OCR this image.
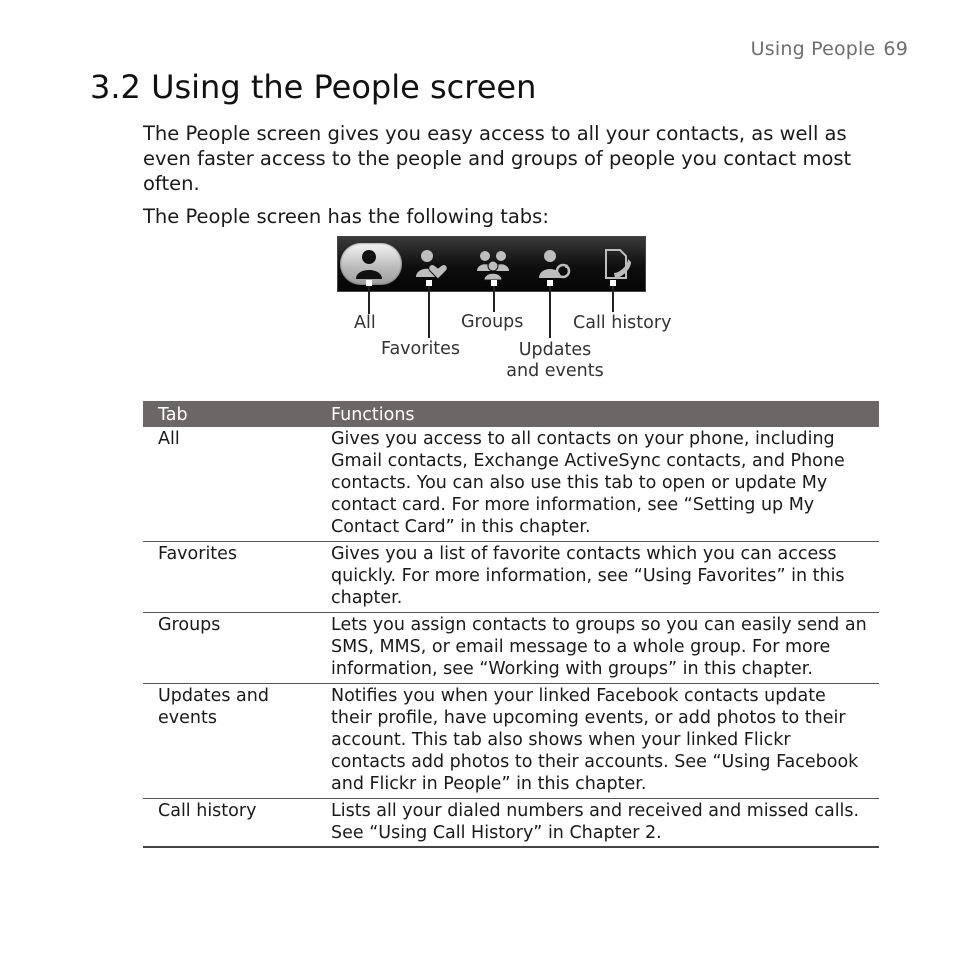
Using People 69
3.2 Using the People screen

The People screen gives you easy access to all your contacts, as well as even faster access to the people and groups of people you contact most often.

The People screen has the following tabs:

All
Favorites
Groups
Updates
and events
Call history
Tab	Functions
All	Gives you access to all contacts on your phone, including Gmail contacts, Exchange ActiveSync contacts, and Phone contacts. You can also use this tab to open or update My contact card. For more information, see “Setting up My Contact Card” in this chapter.
Favorites	Gives you a list of favorite contacts which you can access quickly. For more information, see “Using Favorites” in this chapter.
Groups	Lets you assign contacts to groups so you can easily send an SMS, MMS, or email message to a whole group. For more information, see “Working with groups” in this chapter.
Updates and events	Notifies you when your linked Facebook contacts update their profile, have upcoming events, or add photos to their account. This tab also shows when your linked Flickr contacts add photos to their accounts. See “Using Facebook and Flickr in People” in this chapter.
Call history	Lists all your dialed numbers and received and missed calls. See “Using Call History” in Chapter 2.
